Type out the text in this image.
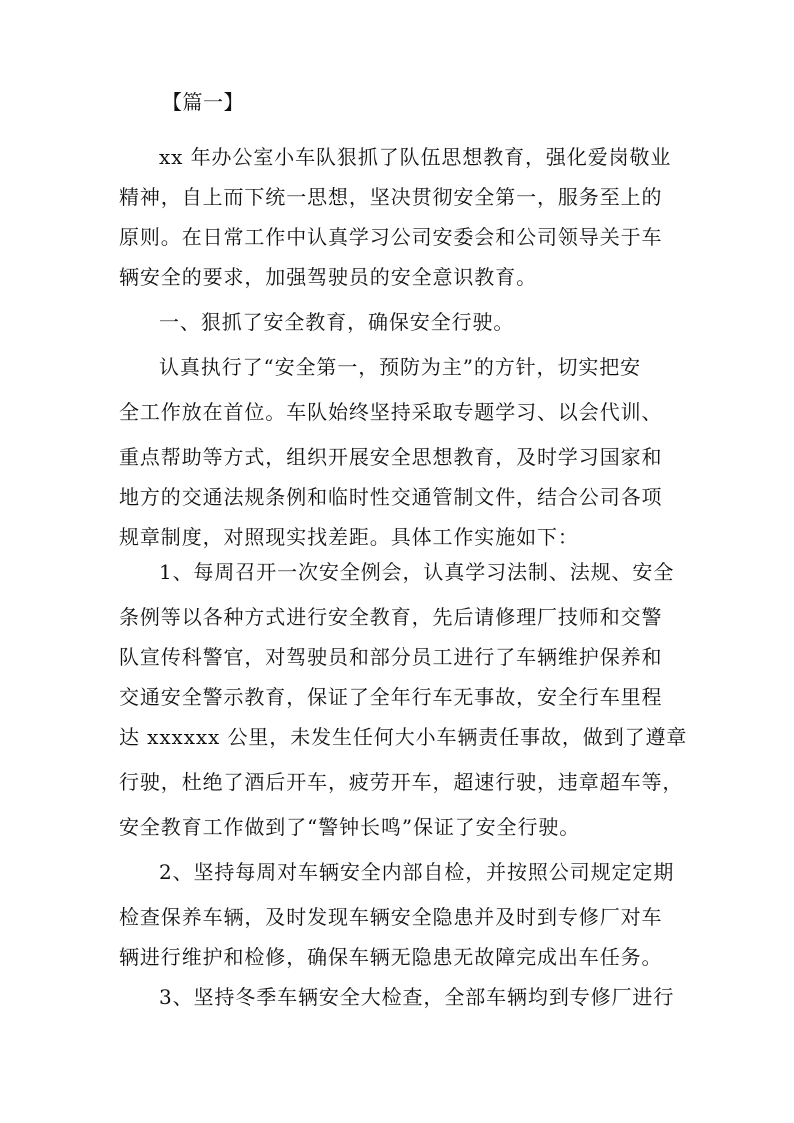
【篇一】
xx 年办公室小车队狠抓了队伍思想教育，强化爱岗敬业
精神，自上而下统一思想，坚决贯彻安全第一，服务至上的
原则。在日常工作中认真学习公司安委会和公司领导关于车
辆安全的要求，加强驾驶员的安全意识教育。
一、狠抓了安全教育，确保安全行驶。
认真执行了“安全第一，预防为主”的方针，切实把安
全工作放在首位。车队始终坚持采取专题学习、以会代训、
重点帮助等方式，组织开展安全思想教育，及时学习国家和
地方的交通法规条例和临时性交通管制文件，结合公司各项
规章制度，对照现实找差距。具体工作实施如下：
1、每周召开一次安全例会，认真学习法制、法规、安全
条例等以各种方式进行安全教育，先后请修理厂技师和交警
队宣传科警官，对驾驶员和部分员工进行了车辆维护保养和
交通安全警示教育，保证了全年行车无事故，安全行车里程
达 xxxxxx 公里，未发生任何大小车辆责任事故，做到了遵章
行驶，杜绝了酒后开车，疲劳开车，超速行驶，违章超车等，
安全教育工作做到了“警钟长鸣”保证了安全行驶。
2、坚持每周对车辆安全内部自检，并按照公司规定定期
检查保养车辆，及时发现车辆安全隐患并及时到专修厂对车
辆进行维护和检修，确保车辆无隐患无故障完成出车任务。
3、坚持冬季车辆安全大检查，全部车辆均到专修厂进行
